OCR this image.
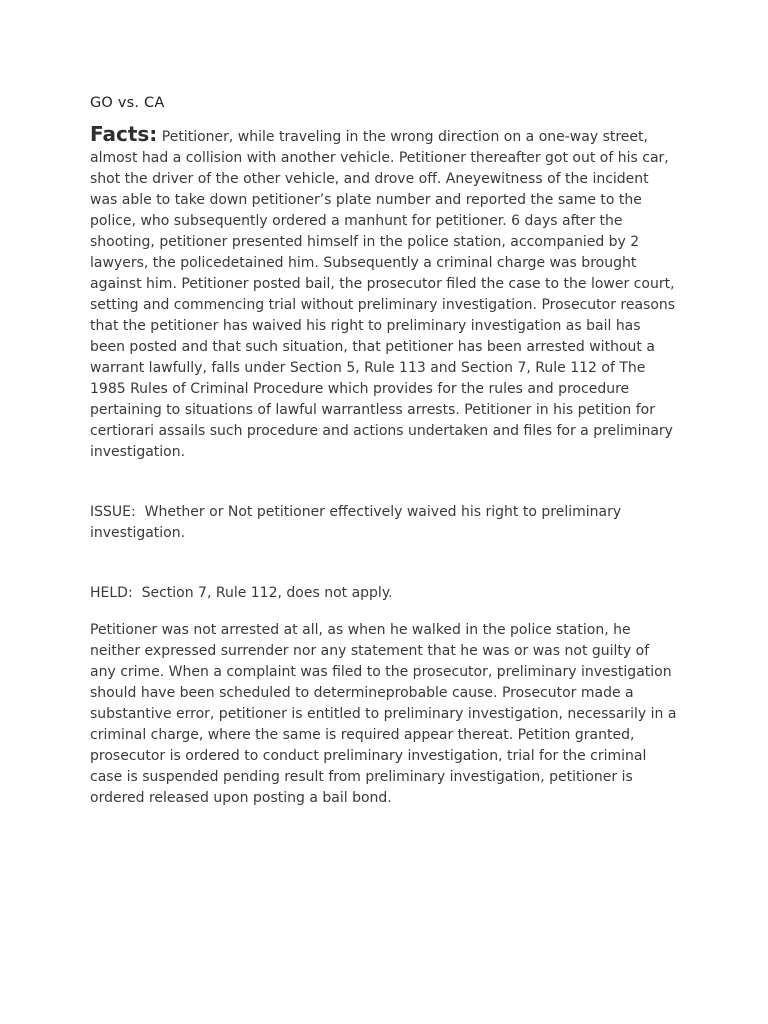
GO vs. CA

Facts: Petitioner, while traveling in the wrong direction on a one-way street, almost had a collision with another vehicle. Petitioner thereafter got out of his car, shot the driver of the other vehicle, and drove off. Aneyewitness of the incident was able to take down petitioner’s plate number and reported the same to the police, who subsequently ordered a manhunt for petitioner. 6 days after the shooting, petitioner presented himself in the police station, accompanied by 2 lawyers, the policedetained him. Subsequently a criminal charge was brought against him. Petitioner posted bail, the prosecutor filed the case to the lower court, setting and commencing trial without preliminary investigation. Prosecutor reasons that the petitioner has waived his right to preliminary investigation as bail has been posted and that such situation, that petitioner has been arrested without a warrant lawfully, falls under Section 5, Rule 113 and Section 7, Rule 112 of The 1985 Rules of Criminal Procedure which provides for the rules and procedure pertaining to situations of lawful warrantless arrests. Petitioner in his petition for certiorari assails such procedure and actions undertaken and files for a preliminary investigation.

ISSUE:  Whether or Not petitioner effectively waived his right to preliminary investigation.

HELD:  Section 7, Rule 112, does not apply.

Petitioner was not arrested at all, as when he walked in the police station, he neither expressed surrender nor any statement that he was or was not guilty of any crime. When a complaint was filed to the prosecutor, preliminary investigation should have been scheduled to determineprobable cause. Prosecutor made a substantive error, petitioner is entitled to preliminary investigation, necessarily in a criminal charge, where the same is required appear thereat. Petition granted, prosecutor is ordered to conduct preliminary investigation, trial for the criminal case is suspended pending result from preliminary investigation, petitioner is ordered released upon posting a bail bond.
